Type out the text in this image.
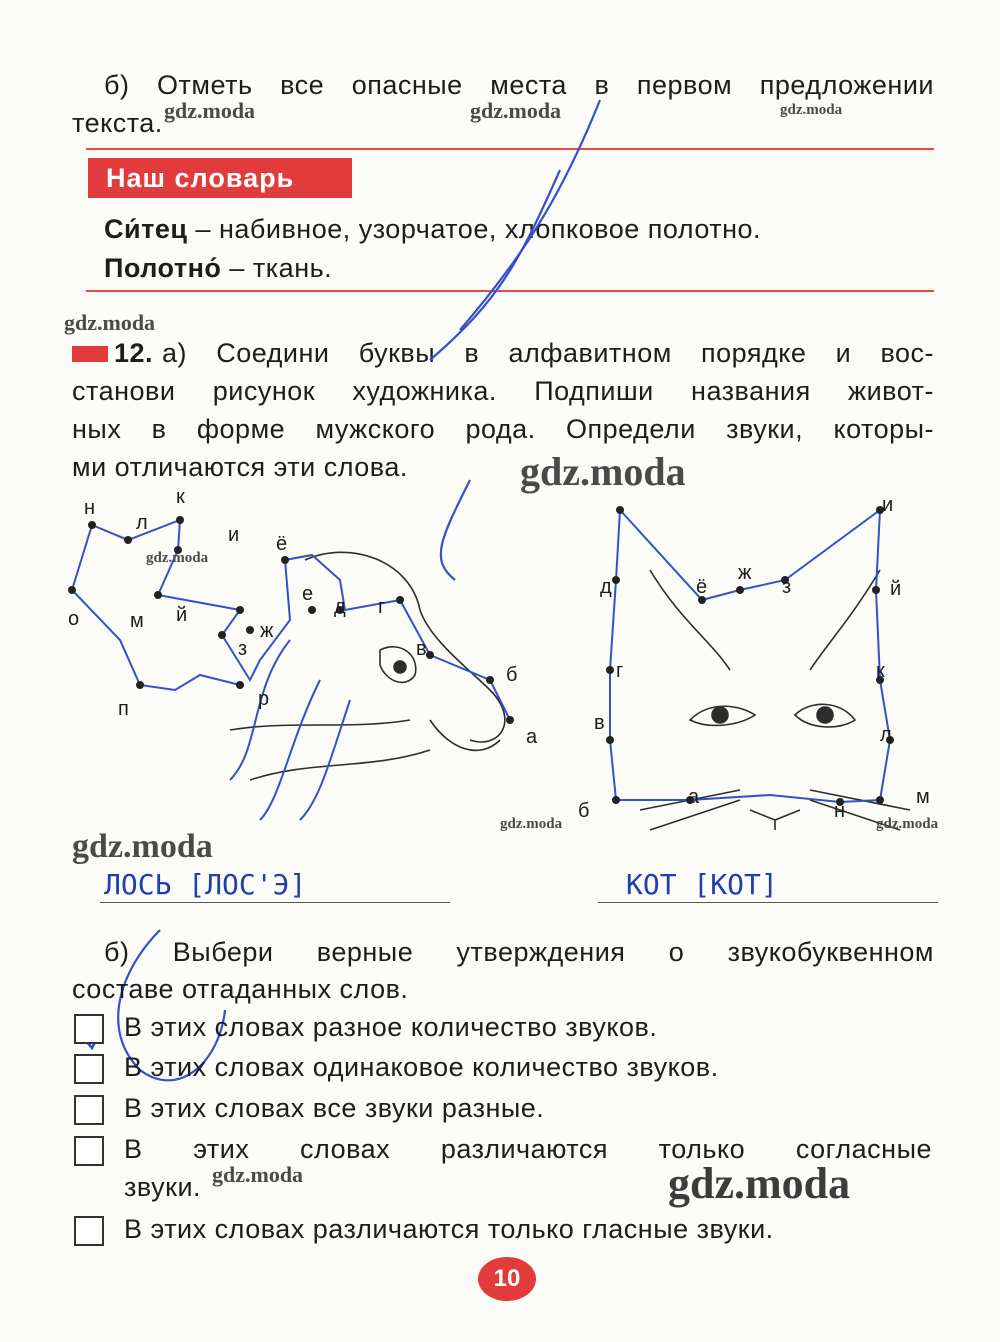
б) Отметь все опасные места в первом предложении
текста.
Наш словарь
Си́тец – набивное, узорчатое, хлопковое полотно.
Полотно́ – ткань.
12. а) Соедини буквы в алфавитном порядке и вос-
станови рисунок художника. Подпиши названия живот-
ных в форме мужского рода. Определи звуки, которы-
ми отличаются эти слова.
н	к
л
и ё
о	м й
е
д г
з
ж
в
р
б
п
а
и
д	ё
ж
з	й
г	к
в
л
а
б	н
м
ЛОСЬ [ЛОС'Э]	КОТ [КОТ]
б) Выбери верные утверждения о звукобуквенном
составе отгаданных слов.
В этих словах разное количество звуков.
В этих словах одинаковое количество звуков.
В этих словах все звуки разные.
В этих словах различаются только согласные
звуки.
В этих словах различаются только гласные звуки.
10
gdz.moda	gdz.moda	gdz.moda
gdz.moda
gdz.moda
gdz.moda
gdz.moda	gdz.moda
gdz.moda
gdz.moda	gdz.moda
